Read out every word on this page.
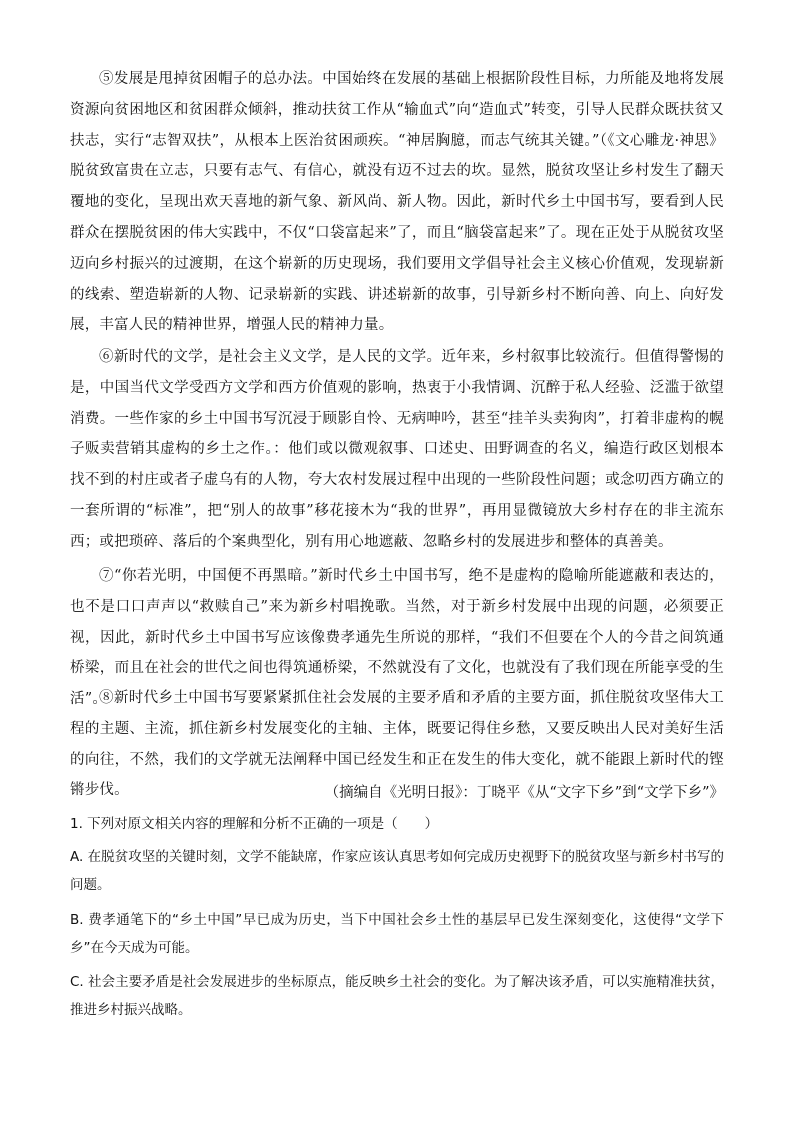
⑤发展是甩掉贫困帽子的总办法。中国始终在发展的基础上根据阶段性目标，力所能及地将发展资源向贫困地区和贫困群众倾斜，推动扶贫工作从“输血式”向“造血式”转变，引导人民群众既扶贫又扶志，实行“志智双扶”，从根本上医治贫困顽疾。“神居胸臆，而志气统其关键。”（《文心雕龙·神思》脱贫致富贵在立志，只要有志气、有信心，就没有迈不过去的坎。显然，脱贫攻坚让乡村发生了翻天覆地的变化，呈现出欢天喜地的新气象、新风尚、新人物。因此，新时代乡土中国书写，要看到人民群众在摆脱贫困的伟大实践中，不仅“口袋富起来”了，而且“脑袋富起来”了。现在正处于从脱贫攻坚迈向乡村振兴的过渡期，在这个崭新的历史现场，我们要用文学倡导社会主义核心价值观，发现崭新的线索、塑造崭新的人物、记录崭新的实践、讲述崭新的故事，引导新乡村不断向善、向上、向好发展，丰富人民的精神世界，增强人民的精神力量。

⑥新时代的文学，是社会主义文学，是人民的文学。近年来，乡村叙事比较流行。但值得警惕的是，中国当代文学受西方文学和西方价值观的影响，热衷于小我情调、沉醉于私人经验、泛滥于欲望消费。一些作家的乡土中国书写沉浸于顾影自怜、无病呻吟，甚至“挂羊头卖狗肉”，打着非虚构的幌子贩卖营销其虚构的乡土之作。：他们或以微观叙事、口述史、田野调查的名义，编造行政区划根本找不到的村庄或者子虚乌有的人物，夸大农村发展过程中出现的一些阶段性问题；或念叨西方确立的一套所谓的“标准”，把“别人的故事”移花接木为“我的世界”，再用显微镜放大乡村存在的非主流东西；或把琐碎、落后的个案典型化，别有用心地遮蔽、忽略乡村的发展进步和整体的真善美。

⑦“你若光明，中国便不再黑暗。”新时代乡土中国书写，绝不是虚构的隐喻所能遮蔽和表达的，也不是口口声声以“救赎自己”来为新乡村唱挽歌。当然，对于新乡村发展中出现的问题，必须要正视，因此，新时代乡土中国书写应该像费孝通先生所说的那样，“我们不但要在个人的今昔之间筑通桥梁，而且在社会的世代之间也得筑通桥梁，不然就没有了文化，也就没有了我们现在所能享受的生活”。

⑧新时代乡土中国书写要紧紧抓住社会发展的主要矛盾和矛盾的主要方面，抓住脱贫攻坚伟大工程的主题、主流，抓住新乡村发展变化的主轴、主体，既要记得住乡愁，又要反映出人民对美好生活的向往，不然，我们的文学就无法阐释中国已经发生和正在发生的伟大变化，就不能跟上新时代的铿锵步伐。	（摘编自《光明日报》：丁晓平《从“文字下乡”到“文学下乡”》

1. 下列对原文相关内容的理解和分析不正确的一项是（　　）

A. 在脱贫攻坚的关键时刻，文学不能缺席，作家应该认真思考如何完成历史视野下的脱贫攻坚与新乡村书写的问题。

B. 费孝通笔下的“乡土中国”早已成为历史，当下中国社会乡土性的基层早已发生深刻变化，这使得“文学下乡”在今天成为可能。

C. 社会主要矛盾是社会发展进步的坐标原点，能反映乡土社会的变化。为了解决该矛盾，可以实施精准扶贫，推进乡村振兴战略。
